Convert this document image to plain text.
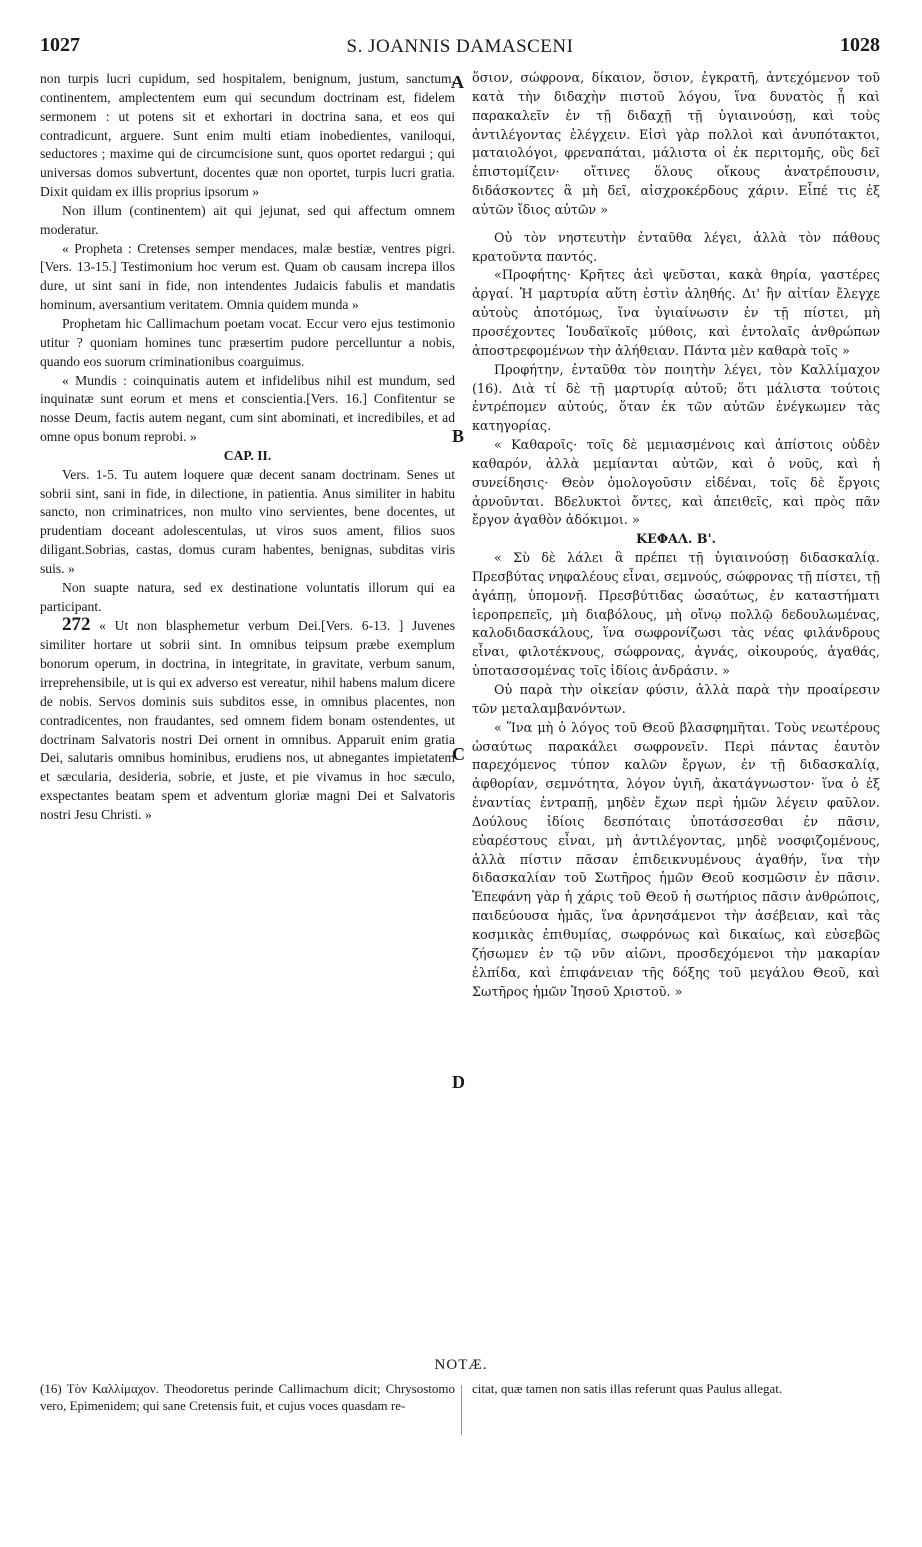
1027	S. JOANNIS DAMASCENI	1028
A
B
C
D

non turpis lucri cupidum, sed hospitalem, benignum, justum, sanctum, continentem, amplectentem eum qui secundum doctrinam est, fidelem sermonem : ut potens sit et exhortari in doctrina sana, et eos qui contradicunt, arguere. Sunt enim multi etiam inobedientes, vaniloqui, seductores ; maxime qui de circumcisione sunt, quos oportet redargui ; qui universas domos subvertunt, docentes quæ non oportet, turpis lucri gratia. Dixit quidam ex illis proprius ipsorum »

Non illum (continentem) ait qui jejunat, sed qui affectum omnem moderatur.

« Propheta : Cretenses semper mendaces, malæ bestiæ, ventres pigri. [Vers. 13-15.] Testimonium hoc verum est. Quam ob causam increpa illos dure, ut sint sani in fide, non intendentes Judaicis fabulis et mandatis hominum, aversantium veritatem. Omnia quidem munda »

Prophetam hic Callimachum poetam vocat. Eccur vero ejus testimonio utitur ? quoniam homines tunc præsertim pudore percelluntur a nobis, quando eos suorum criminationibus coarguimus.

« Mundis : coinquinatis autem et infidelibus nihil est mundum, sed inquinatæ sunt eorum et mens et conscientia.[Vers. 16.] Confitentur se nosse Deum, factis autem negant, cum sint abominati, et incredibiles, et ad omne opus bonum reprobi. »

CAP. II.

Vers. 1-5. Tu autem loquere quæ decent sanam doctrinam. Senes ut sobrii sint, sani in fide, in dilectione, in patientia. Anus similiter in habitu sancto, non criminatrices, non multo vino servientes, bene docentes, ut prudentiam doceant adolescentulas, ut viros suos ament, filios suos diligant.Sobrias, castas, domus curam habentes, benignas, subditas viris suis. »

Non suapte natura, sed ex destinatione voluntatis illorum qui ea participant.

272 « Ut non blasphemetur verbum Dei.[Vers. 6-13. ] Juvenes similiter hortare ut sobrii sint. In omnibus teipsum præbe exemplum bonorum operum, in doctrina, in integritate, in gravitate, verbum sanum, irreprehensibile, ut is qui ex adverso est vereatur, nihil habens malum dicere de nobis. Servos dominis suis subditos esse, in omnibus placentes, non contradicentes, non fraudantes, sed omnem fidem bonam ostendentes, ut doctrinam Salvatoris nostri Dei ornent in omnibus. Apparuit enim gratia Dei, salutaris omnibus hominibus, erudiens nos, ut abnegantes impietatem et sæcularia, desideria, sobrie, et juste, et pie vivamus in hoc sæculo, exspectantes beatam spem et adventum gloriæ magni Dei et Salvatoris nostri Jesu Christi. »

ὅσιον, σώφρονα, δίκαιον, ὅσιον, ἐγκρατῆ, ἀντεχόμενον τοῦ κατὰ τὴν διδαχὴν πιστοῦ λόγου, ἵνα δυνατὸς ᾖ καὶ παρακαλεῖν ἐν τῇ διδαχῇ τῇ ὑγιαινούσῃ, καὶ τοὺς ἀντιλέγοντας ἐλέγχειν. Εἰσὶ γὰρ πολλοὶ καὶ ἀνυπότακτοι, ματαιολόγοι, φρεναπάται, μάλιστα οἱ ἐκ περιτομῆς, οὓς δεῖ ἐπιστομίζειν· οἵτινες ὅλους οἴκους ἀνατρέπουσιν, διδάσκοντες ἃ μὴ δεῖ, αἰσχροκέρδους χάριν. Εἶπέ τις ἐξ αὐτῶν ἴδιος αὐτῶν »

Οὐ τὸν νηστευτὴν ἐνταῦθα λέγει, ἀλλὰ τὸν πάθους κρατοῦντα παντός.

«Προφήτης· Κρῆτες ἀεὶ ψεῦσται, κακὰ θηρία, γαστέρες ἀργαί. Ἡ μαρτυρία αὕτη ἐστὶν ἀληθής. Δι' ἣν αἰτίαν ἔλεγχε αὐτοὺς ἀποτόμως, ἵνα ὑγιαίνωσιν ἐν τῇ πίστει, μὴ προσέχοντες Ἰουδαϊκοῖς μύθοις, καὶ ἐντολαῖς ἀνθρώπων ἀποστρεφομένων τὴν ἀλήθειαν. Πάντα μὲν καθαρὰ τοῖς »

Προφήτην, ἐνταῦθα τὸν ποιητὴν λέγει, τὸν Καλλίμαχον (16). Διὰ τί δὲ τῇ μαρτυρίᾳ αὐτοῦ; ὅτι μάλιστα τούτοις ἐντρέπομεν αὐτούς, ὅταν ἐκ τῶν αὐτῶν ἐνέγκωμεν τὰς κατηγορίας.

« Καθαροῖς· τοῖς δὲ μεμιασμένοις καὶ ἀπίστοις οὐδὲν καθαρόν, ἀλλὰ μεμίανται αὐτῶν, καὶ ὁ νοῦς, καὶ ἡ συνείδησις· Θεὸν ὁμολογοῦσιν εἰδέναι, τοῖς δὲ ἔργοις ἀρνοῦνται. Βδελυκτοὶ ὄντες, καὶ ἀπειθεῖς, καὶ πρὸς πᾶν ἔργον ἀγαθὸν ἀδόκιμοι. »

ΚΕΦΑΛ. Β'.

« Σὺ δὲ λάλει ἃ πρέπει τῇ ὑγιαινούσῃ διδασκαλίᾳ. Πρεσβύτας νηφαλέους εἶναι, σεμνούς, σώφρονας τῇ πίστει, τῇ ἀγάπῃ, ὑπομονῇ. Πρεσβύτιδας ὡσαύτως, ἐν καταστήματι ἱεροπρεπεῖς, μὴ διαβόλους, μὴ οἴνῳ πολλῷ δεδουλωμένας, καλοδιδασκάλους, ἵνα σωφρονίζωσι τὰς νέας φιλάνδρους εἶναι, φιλοτέκνους, σώφρονας, ἁγνάς, οἰκουρούς, ἀγαθάς, ὑποτασσομένας τοῖς ἰδίοις ἀνδράσιν. »

Οὐ παρὰ τὴν οἰκείαν φύσιν, ἀλλὰ παρὰ τὴν προαίρεσιν τῶν μεταλαμβανόντων.

« Ἵνα μὴ ὁ λόγος τοῦ Θεοῦ βλασφημῆται. Τοὺς νεωτέρους ὡσαύτως παρακάλει σωφρονεῖν. Περὶ πάντας ἑαυτὸν παρεχόμενος τύπον καλῶν ἔργων, ἐν τῇ διδασκαλίᾳ, ἀφθορίαν, σεμνότητα, λόγον ὑγιῆ, ἀκατάγνωστον· ἵνα ὁ ἐξ ἐναντίας ἐντραπῇ, μηδὲν ἔχων περὶ ἡμῶν λέγειν φαῦλον. Δούλους ἰδίοις δεσπόταις ὑποτάσσεσθαι ἐν πᾶσιν, εὐαρέστους εἶναι, μὴ ἀντιλέγοντας, μηδὲ νοσφιζομένους, ἀλλὰ πίστιν πᾶσαν ἐπιδεικνυμένους ἀγαθήν, ἵνα τὴν διδασκαλίαν τοῦ Σωτῆρος ἡμῶν Θεοῦ κοσμῶσιν ἐν πᾶσιν. Ἐπεφάνη γὰρ ἡ χάρις τοῦ Θεοῦ ἡ σωτήριος πᾶσιν ἀνθρώποις, παιδεύουσα ἡμᾶς, ἵνα ἀρνησάμενοι τὴν ἀσέβειαν, καὶ τὰς κοσμικὰς ἐπιθυμίας, σωφρόνως καὶ δικαίως, καὶ εὐσεβῶς ζήσωμεν ἐν τῷ νῦν αἰῶνι, προσδεχόμενοι τὴν μακαρίαν ἐλπίδα, καὶ ἐπιφάνειαν τῆς δόξης τοῦ μεγάλου Θεοῦ, καὶ Σωτῆρος ἡμῶν Ἰησοῦ Χριστοῦ. »

NOTÆ.

(16) Τὸν Καλλίμαχον. Theodoretus perinde Callimachum dicit; Chrysostomo vero, Epimenidem; qui sane Cretensis fuit, et cujus voces quasdam re-

citat, quæ tamen non satis illas referunt quas Paulus allegat.
